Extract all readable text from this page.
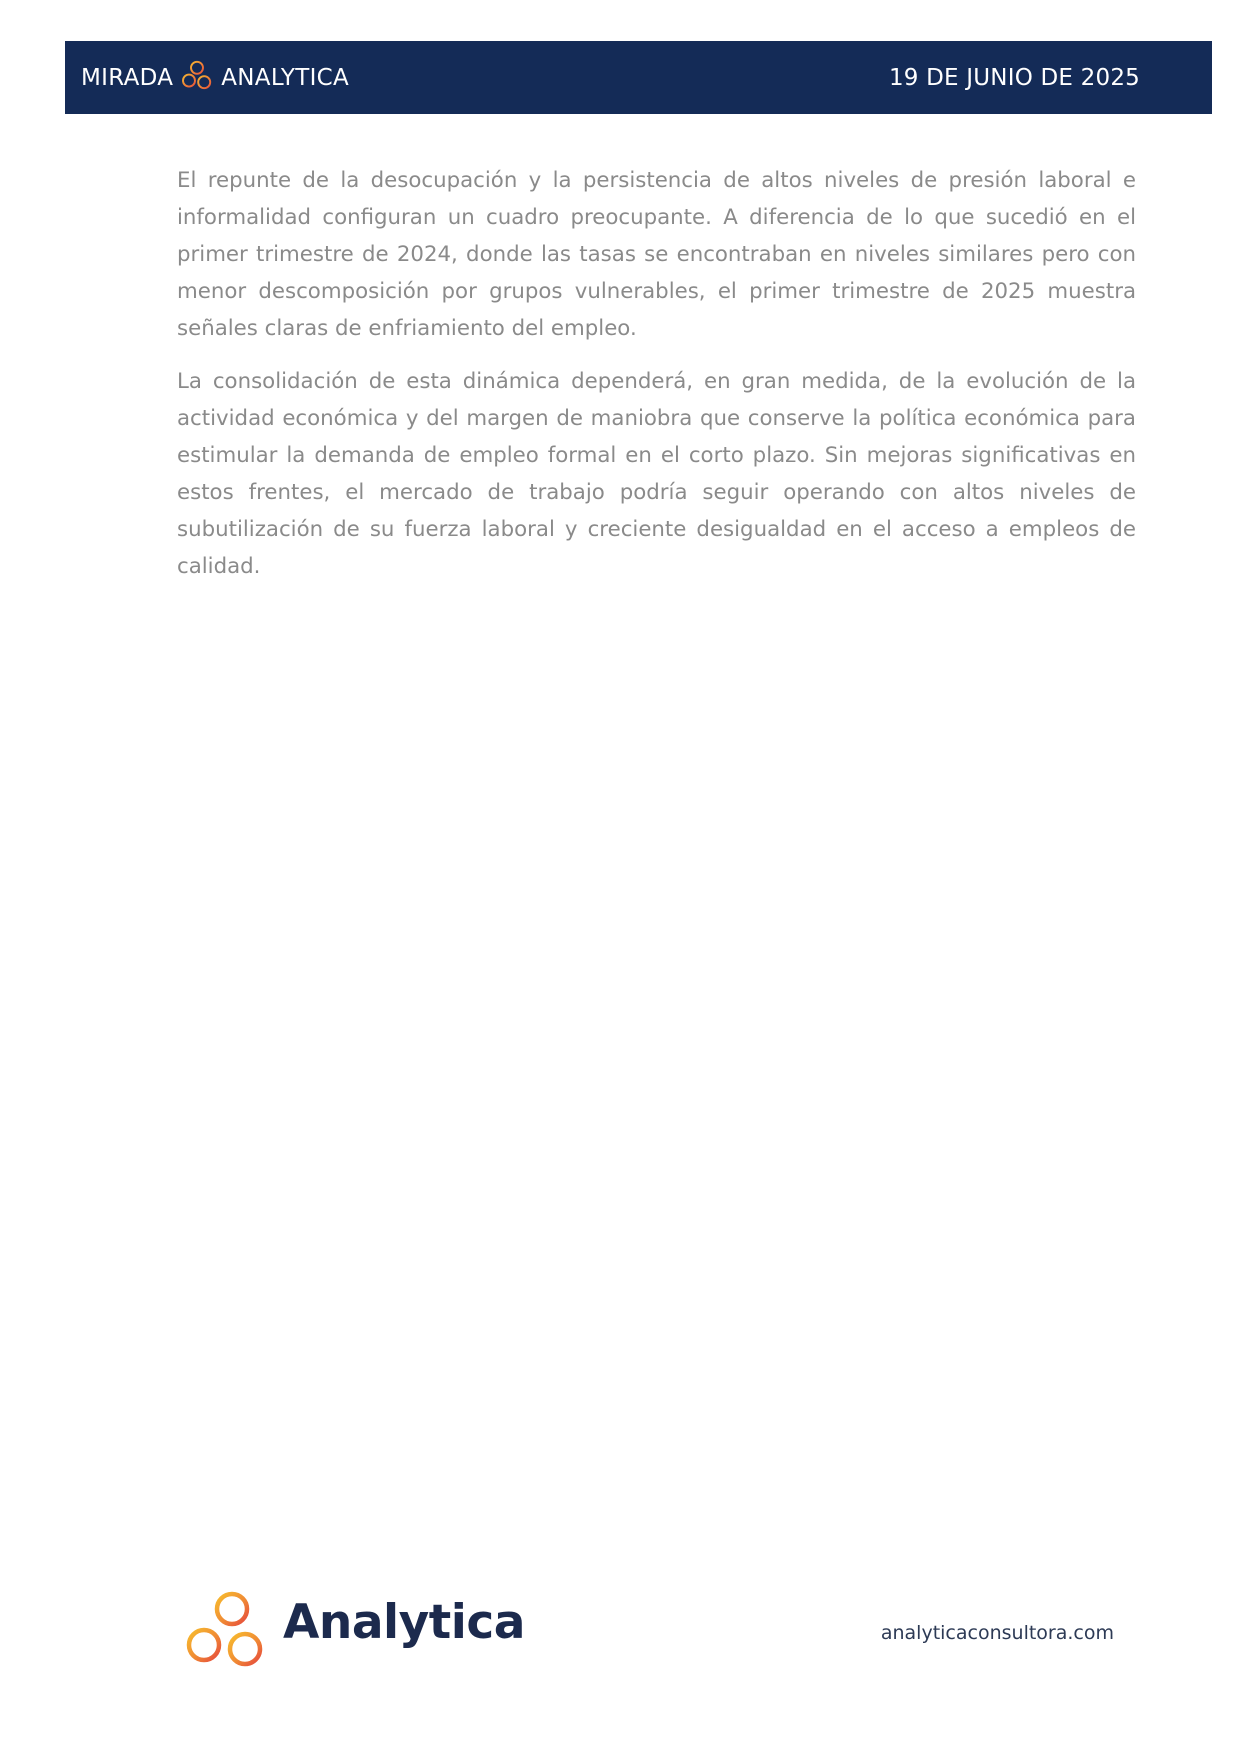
MIRADA ANALYTICA	19 DE JUNIO DE 2025

El repunte de la desocupación y la persistencia de altos niveles de presión laboral e informalidad configuran un cuadro preocupante. A diferencia de lo que sucedió en el primer trimestre de 2024, donde las tasas se encontraban en niveles similares pero con menor descomposición por grupos vulnerables, el primer trimestre de 2025 muestra señales claras de enfriamiento del empleo.

La consolidación de esta dinámica dependerá, en gran medida, de la evolución de la actividad económica y del margen de maniobra que conserve la política económica para estimular la demanda de empleo formal en el corto plazo. Sin mejoras significativas en estos frentes, el mercado de trabajo podría seguir operando con altos niveles de subutilización de su fuerza laboral y creciente desigualdad en el acceso a empleos de calidad.

Analytica	analyticaconsultora.com
